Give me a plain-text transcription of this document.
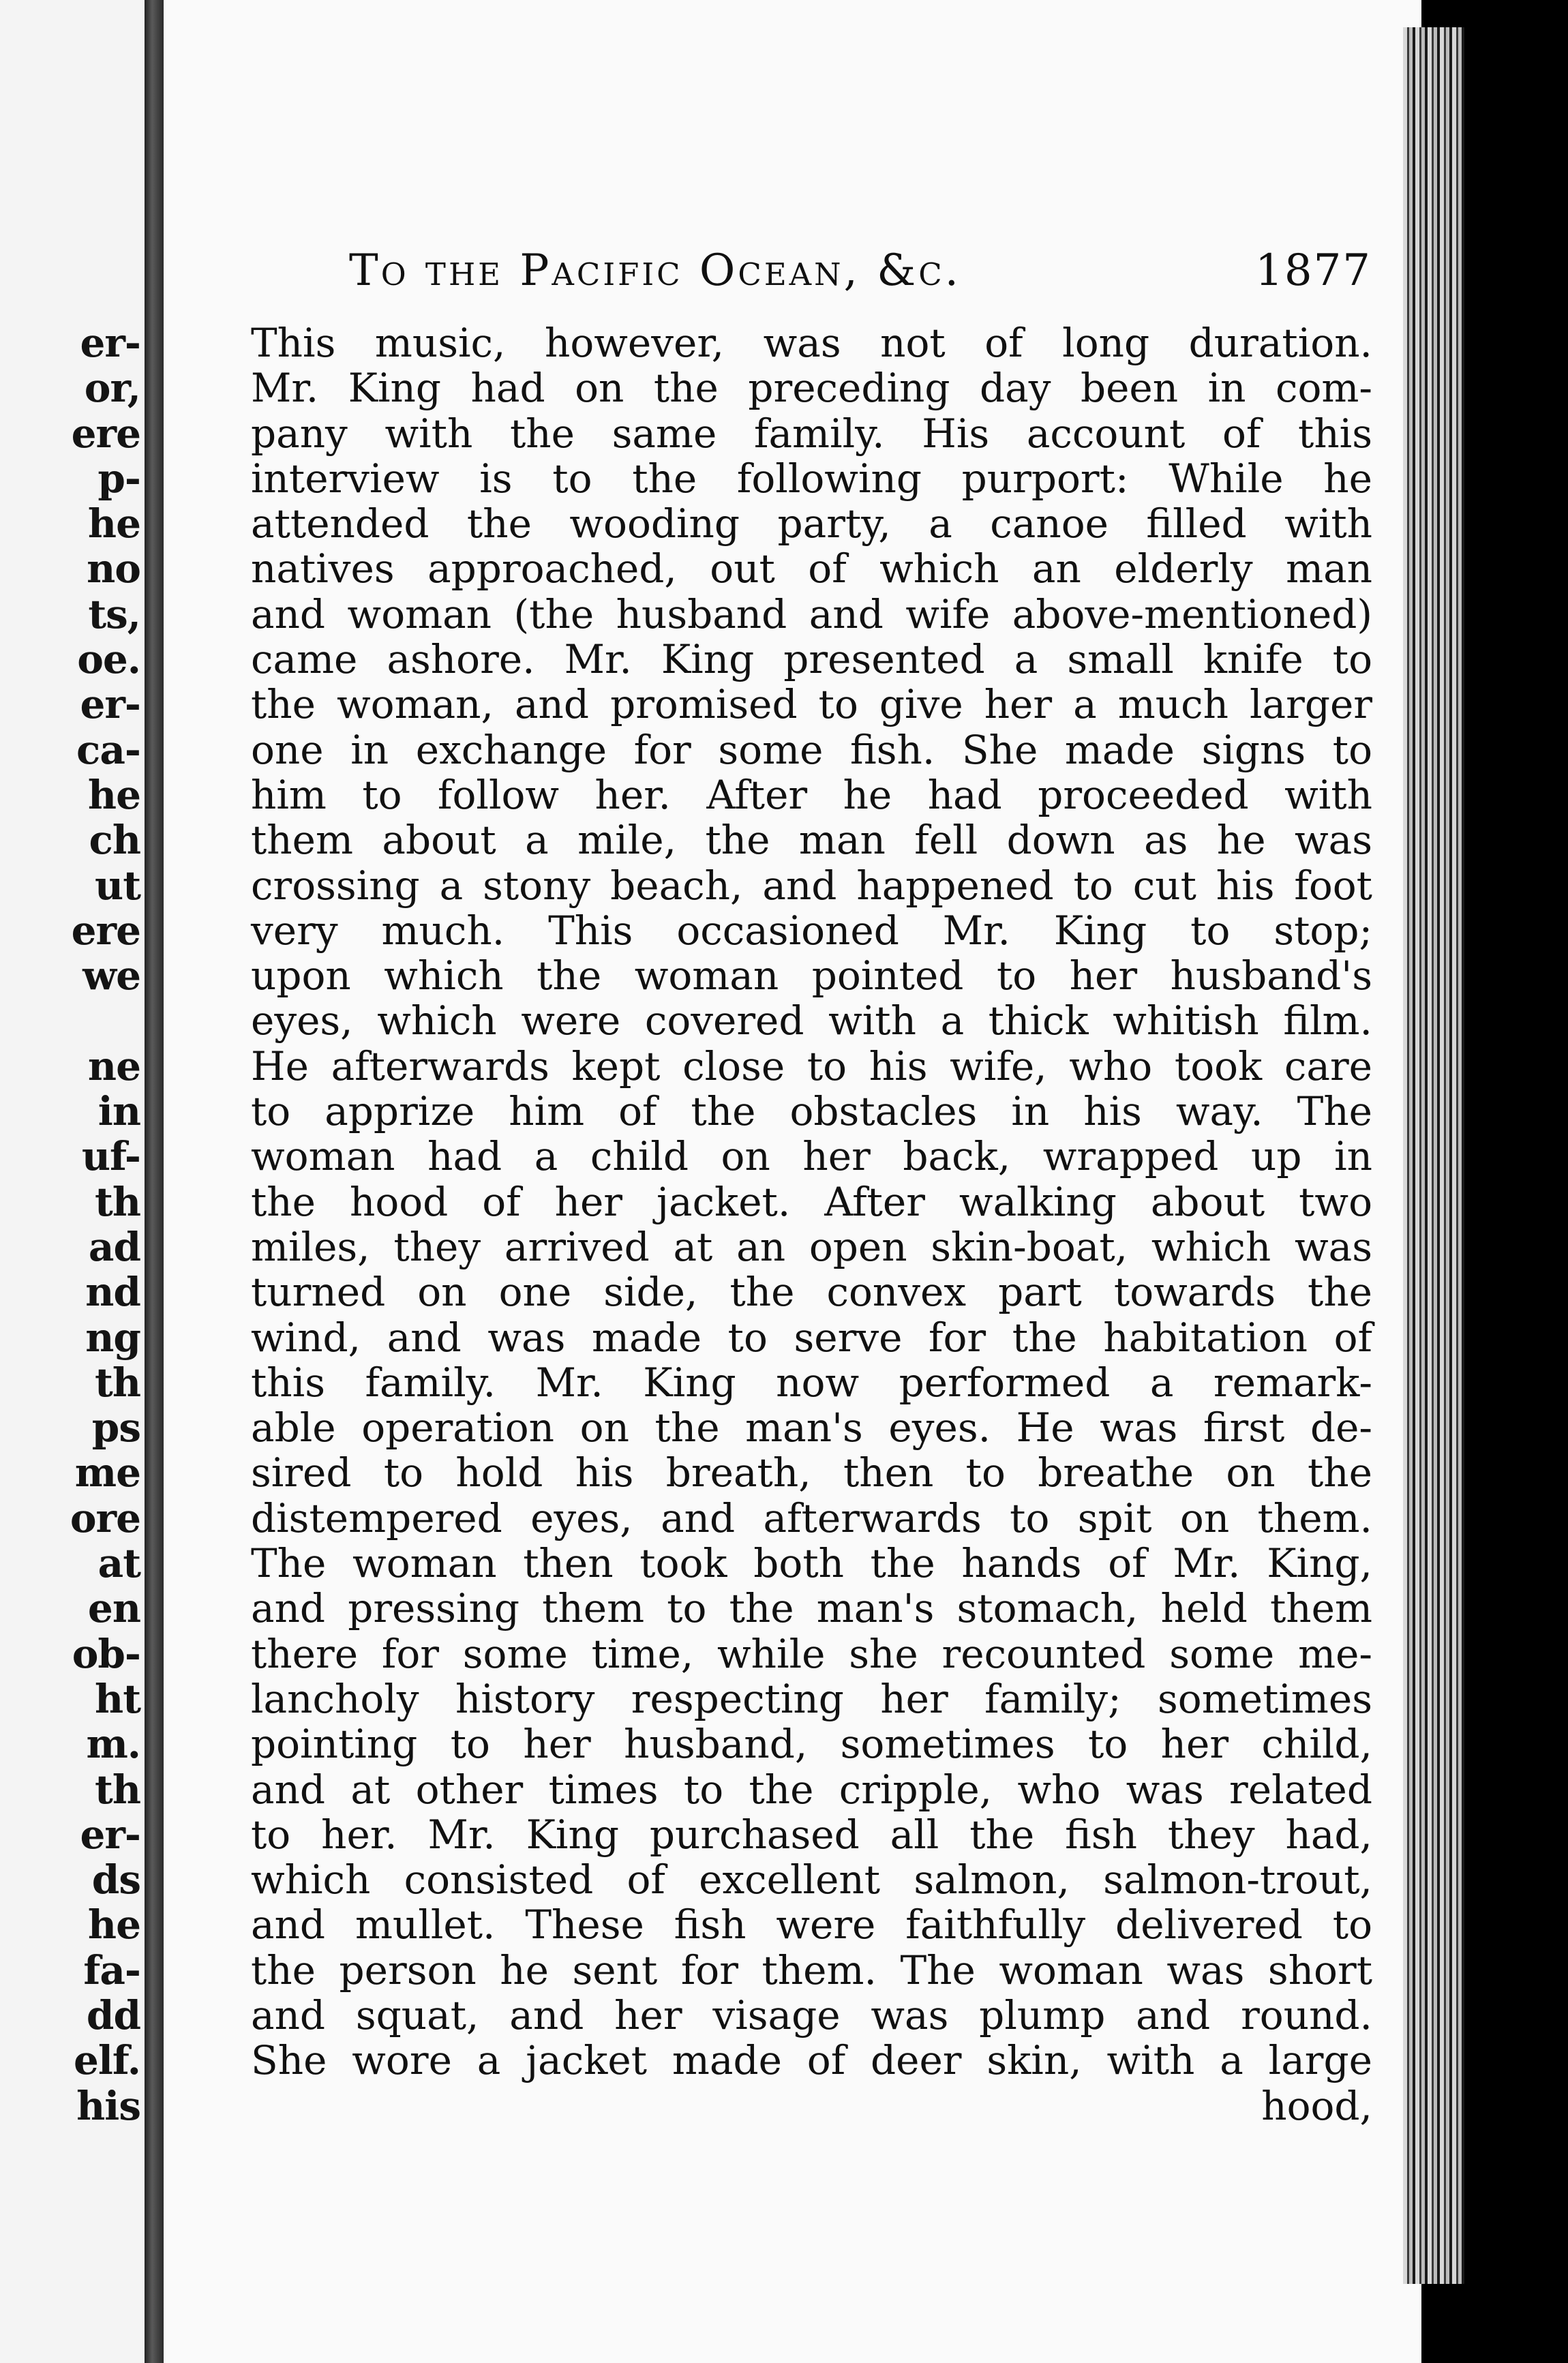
er-
or,
ere
p-
he
no
ts,
oe.
er-
ca-
he
ch
ut
ere
we
ne
in
uf-
th
ad
nd
ng
th
ps
me
ore
at
en
ob-
ht
m.
th
er-
ds
he
fa-
dd
elf.
his
To the Pacific Ocean, &c.	1877
This music, however, was not of long duration.
Mr. King had on the preceding day been in com-
pany with the same family. His account of this
interview is to the following purport: While he
attended the wooding party, a canoe filled with
natives approached, out of which an elderly man
and woman (the husband and wife above-mentioned)
came ashore. Mr. King presented a small knife to
the woman, and promised to give her a much larger
one in exchange for some fish. She made signs to
him to follow her. After he had proceeded with
them about a mile, the man fell down as he was
crossing a stony beach, and happened to cut his foot
very much. This occasioned Mr. King to stop;
upon which the woman pointed to her husband's
eyes, which were covered with a thick whitish film.
He afterwards kept close to his wife, who took care
to apprize him of the obstacles in his way. The
woman had a child on her back, wrapped up in
the hood of her jacket. After walking about two
miles, they arrived at an open skin-boat, which was
turned on one side, the convex part towards the
wind, and was made to serve for the habitation of
this family. Mr. King now performed a remark-
able operation on the man's eyes. He was first de-
sired to hold his breath, then to breathe on the
distempered eyes, and afterwards to spit on them.
The woman then took both the hands of Mr. King,
and pressing them to the man's stomach, held them
there for some time, while she recounted some me-
lancholy history respecting her family; sometimes
pointing to her husband, sometimes to her child,
and at other times to the cripple, who was related
to her. Mr. King purchased all the fish they had,
which consisted of excellent salmon, salmon-trout,
and mullet. These fish were faithfully delivered to
the person he sent for them. The woman was short
and squat, and her visage was plump and round.
She wore a jacket made of deer skin, with a large
hood,
